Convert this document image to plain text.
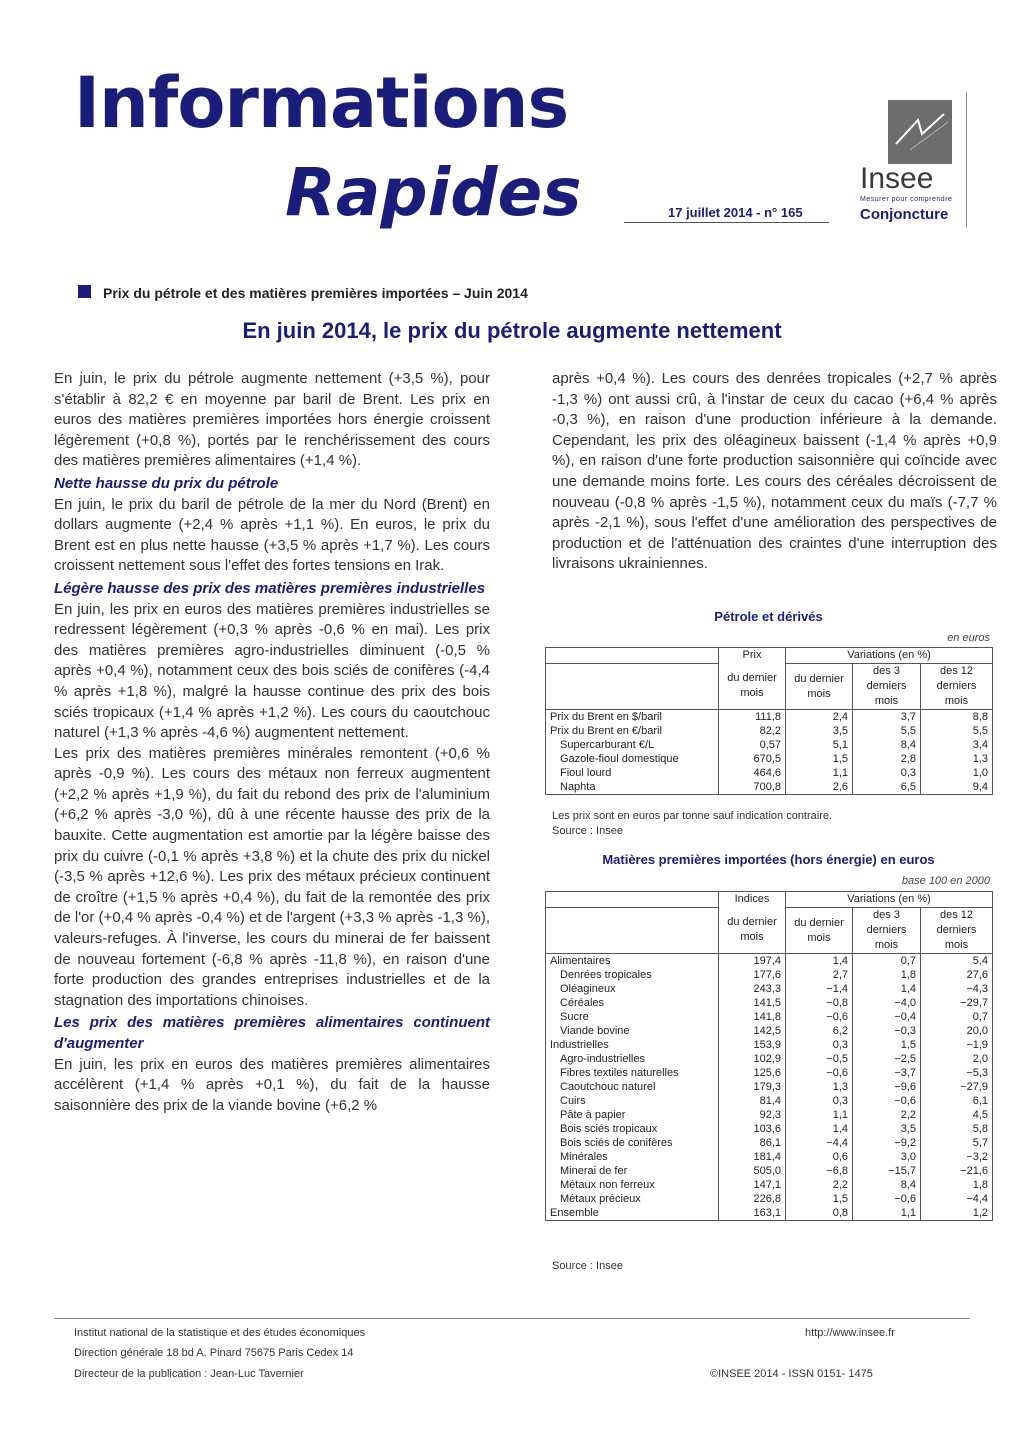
Informations
Rapides	17 juillet 2014 - n° 165
Insee
Mesurer pour comprendre
Conjoncture
Prix du pétrole et des matières premières importées – Juin 2014
En juin 2014, le prix du pétrole augmente nettement

En juin, le prix du pétrole augmente nettement (+3,5 %), pour s'établir à 82,2 € en moyenne par baril de Brent. Les prix en euros des matières premières importées hors énergie croissent légèrement (+0,8 %), portés par le renchérissement des cours des matières premières alimentaires (+1,4 %).

Nette hausse du prix du pétrole

En juin, le prix du baril de pétrole de la mer du Nord (Brent) en dollars augmente (+2,4 % après +1,1 %). En euros, le prix du Brent est en plus nette hausse (+3,5 % après +1,7 %). Les cours croissent nettement sous l'effet des fortes tensions en Irak.

Légère hausse des prix des matières premières industrielles

En juin, les prix en euros des matières premières industrielles se redressent légèrement (+0,3 % après -0,6 % en mai). Les prix des matières premières agro-industrielles diminuent (-0,5 % après +0,4 %), notamment ceux des bois sciés de conifères (-4,4 % après +1,8 %), malgré la hausse continue des prix des bois sciés tropicaux (+1,4 % après +1,2 %). Les cours du caoutchouc naturel (+1,3 % après -4,6 %) augmentent nettement.

Les prix des matières premières minérales remontent (+0,6 % après -0,9 %). Les cours des métaux non ferreux augmentent (+2,2 % après +1,9 %), du fait du rebond des prix de l'aluminium (+6,2 % après -3,0 %), dû à une récente hausse des prix de la bauxite. Cette augmentation est amortie par la légère baisse des prix du cuivre (-0,1 % après +3,8 %) et la chute des prix du nickel (-3,5 % après +12,6 %). Les prix des métaux précieux continuent de croître (+1,5 % après +0,4 %), du fait de la remontée des prix de l'or (+0,4 % après -0,4 %) et de l'argent (+3,3 % après -1,3 %), valeurs-refuges. À l'inverse, les cours du minerai de fer baissent de nouveau fortement (-6,8 % après -11,8 %), en raison d'une forte production des grandes entreprises industrielles et de la stagnation des importations chinoises.

Les prix des matières premières alimentaires continuent d'augmenter

En juin, les prix en euros des matières premières alimentaires accélèrent (+1,4 % après +0,1 %), du fait de la hausse saisonnière des prix de la viande bovine (+6,2 %

après +0,4 %). Les cours des denrées tropicales (+2,7 % après -1,3 %) ont aussi crû, à l'instar de ceux du cacao (+6,4 % après -0,3 %), en raison d'une production inférieure à la demande. Cependant, les prix des oléagineux baissent (-1,4 % après +0,9 %), en raison d'une forte production saisonnière qui coïncide avec une demande moins forte. Les cours des céréales décroissent de nouveau (-0,8 % après -1,5 %), notamment ceux du maïs (-7,7 % après -2,1 %), sous l'effet d'une amélioration des perspectives de production et de l'atténuation des craintes d'une interruption des livraisons ukrainiennes.
Pétrole et dérivés
en euros
	Prix	Variations (en %)		
	du dernier mois	du dernier mois	des 3 derniers mois	des 12 derniers mois
Prix du Brent en $/baril	111,8	2,4	3,7	8,8
Prix du Brent en €/baril	82,2	3,5	5,5	5,5
Supercarburant €/L	0,57	5,1	8,4	3,4
Gazole-fioul domestique	670,5	1,5	2,8	1,3
Fioul lourd	464,6	1,1	0,3	1,0
Naphta	700,8	2,6	6,5	9,4
Les prix sont en euros par tonne sauf indication contraire.
Source : Insee
Matières premières importées (hors énergie) en euros
base 100 en 2000
	Indices	Variations (en %)		
	du dernier mois	du dernier mois	des 3 derniers mois	des 12 derniers mois
Alimentaires	197,4	1,4	0,7	5,4
Denrées tropicales	177,6	2,7	1,8	27,6
Oléagineux	243,3	−1,4	1,4	−4,3
Céréales	141,5	−0,8	−4,0	−29,7
Sucre	141,8	−0,6	−0,4	0,7
Viande bovine	142,5	6,2	−0,3	20,0
Industrielles	153,9	0,3	1,5	−1,9
Agro-industrielles	102,9	−0,5	−2,5	2,0
Fibres textiles naturelles	125,6	−0,6	−3,7	−5,3
Caoutchouc naturel	179,3	1,3	−9,6	−27,9
Cuirs	81,4	0,3	−0,6	6,1
Pâte à papier	92,3	1,1	2,2	4,5
Bois sciés tropicaux	103,6	1,4	3,5	5,8
Bois sciés de conifères	86,1	−4,4	−9,2	5,7
Minérales	181,4	0,6	3,0	−3,2
Minerai de fer	505,0	−6,8	−15,7	−21,6
Métaux non ferreux	147,1	2,2	8,4	1,8
Métaux précieux	226,8	1,5	−0,6	−4,4
Ensemble	163,1	0,8	1,1	1,2
Source : Insee
Institut national de la statistique et des études économiques
Direction générale 18 bd A. Pinard 75675 Paris Cedex 14
Directeur de la publication : Jean-Luc Tavernier
http://www.insee.fr
©INSEE 2014 - ISSN 0151- 1475
